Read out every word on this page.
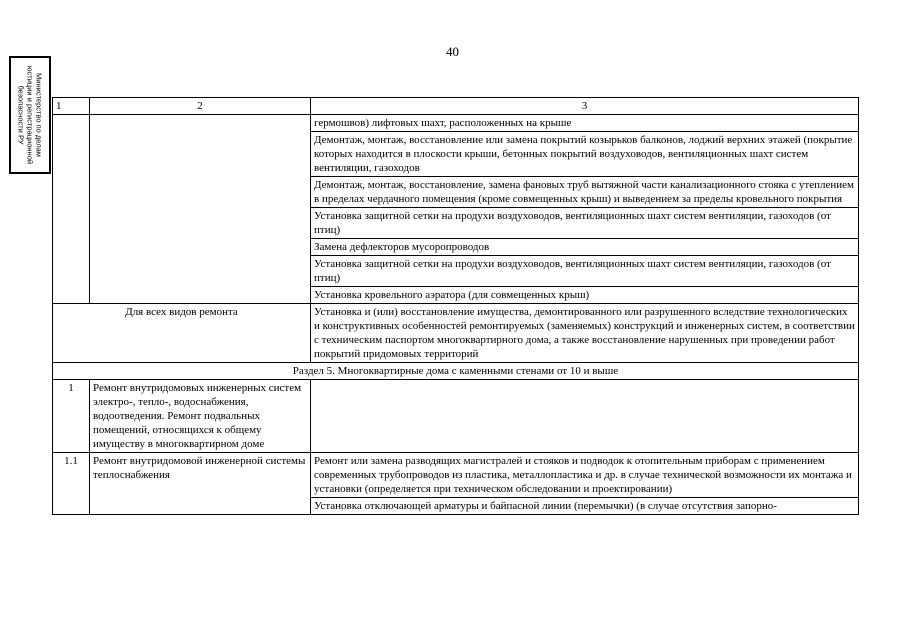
40
Министерство по делам
юстиции и регистрационной
безопасности РУ	1	2	3
		гермошвов) лифтовых шахт, расположенных на крыше
		Демонтаж, монтаж, восстановление или замена покрытий козырьков балконов, лоджий верхних этажей (покрытие которых находится в плоскости крыши, бетонных покрытий воздуховодов, вентиляционных шахт систем вентиляции, газоходов
		Демонтаж, монтаж, восстановление, замена фановых труб вытяжной части канализационного стояка с утеплением в пределах чердачного помещения (кроме совмещенных крыш) и выведением за пределы кровельного покрытия
		Установка защитной сетки на продухи воздуховодов, вентиляционных шахт систем вентиляции, газоходов (от птиц)
		Замена дефлекторов мусоропроводов
		Установка защитной сетки на продухи воздуховодов, вентиляционных шахт систем вентиляции, газоходов (от птиц)
		Установка кровельного аэратора (для совмещенных крыш)
Для всех видов ремонта		Установка и (или) восстановление имущества, демонтированного или разрушенного вследствие технологических и конструктивных особенностей ремонтируемых (заменяемых) конструкций и инженерных систем, в соответствии с техническим паспортом многоквартирного дома, а также восстановление нарушенных при проведении работ покрытий придомовых территорий
Раздел 5. Многоквартирные дома с каменными стенами от 10 и выше		
1	Ремонт внутридомовых инженерных систем электро-, тепло-, водоснабжения, водоотведения. Ремонт подвальных помещений, относящихся к общему имуществу в многоквартирном доме	
1.1	Ремонт внутридомовой инженерной системы теплоснабжения	Ремонт или замена разводящих магистралей и стояков и подводок к отопительным приборам с применением современных трубопроводов из пластика, металлопластика и др. в случае технической возможности их монтажа и установки (определяется при техническом обследовании и проектировании)
		Установка отключающей арматуры и байпасной линии (перемычки) (в случае отсутствия запорно-
